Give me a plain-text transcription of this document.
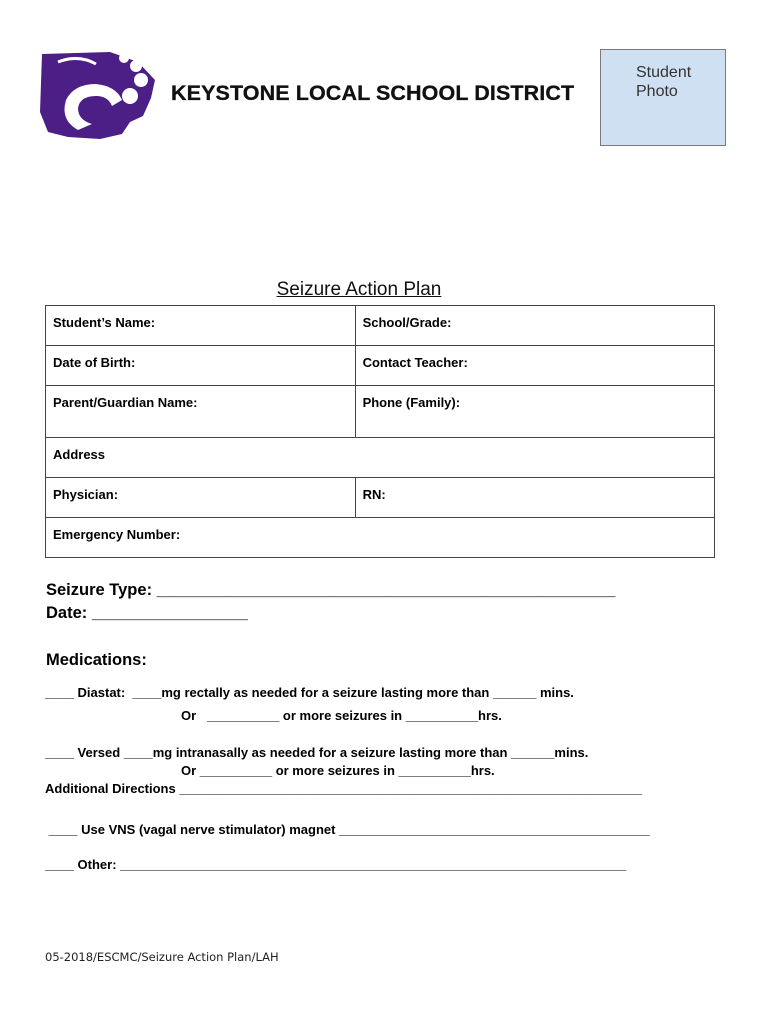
KEYSTONE LOCAL SCHOOL DISTRICT
Student
Photo
Seizure Action Plan
Student’s Name:	School/Grade:
Date of Birth:	Contact Teacher:
Parent/Guardian Name:	Phone (Family):
Address	
Physician:	RN:
Emergency Number:	
Seizure Type: __________________________________________________
Date: _________________
Medications:
____ Diastat:  ____mg rectally as needed for a seizure lasting more than ______ mins.
Or   __________ or more seizures in __________hrs.
____ Versed ____mg intranasally as needed for a seizure lasting more than ______mins.
Or __________ or more seizures in __________hrs.
Additional Directions ________________________________________________________________
____ Use VNS (vagal nerve stimulator) magnet ___________________________________________
____ Other: ______________________________________________________________________
05-2018/ESCMC/Seizure Action Plan/LAH
